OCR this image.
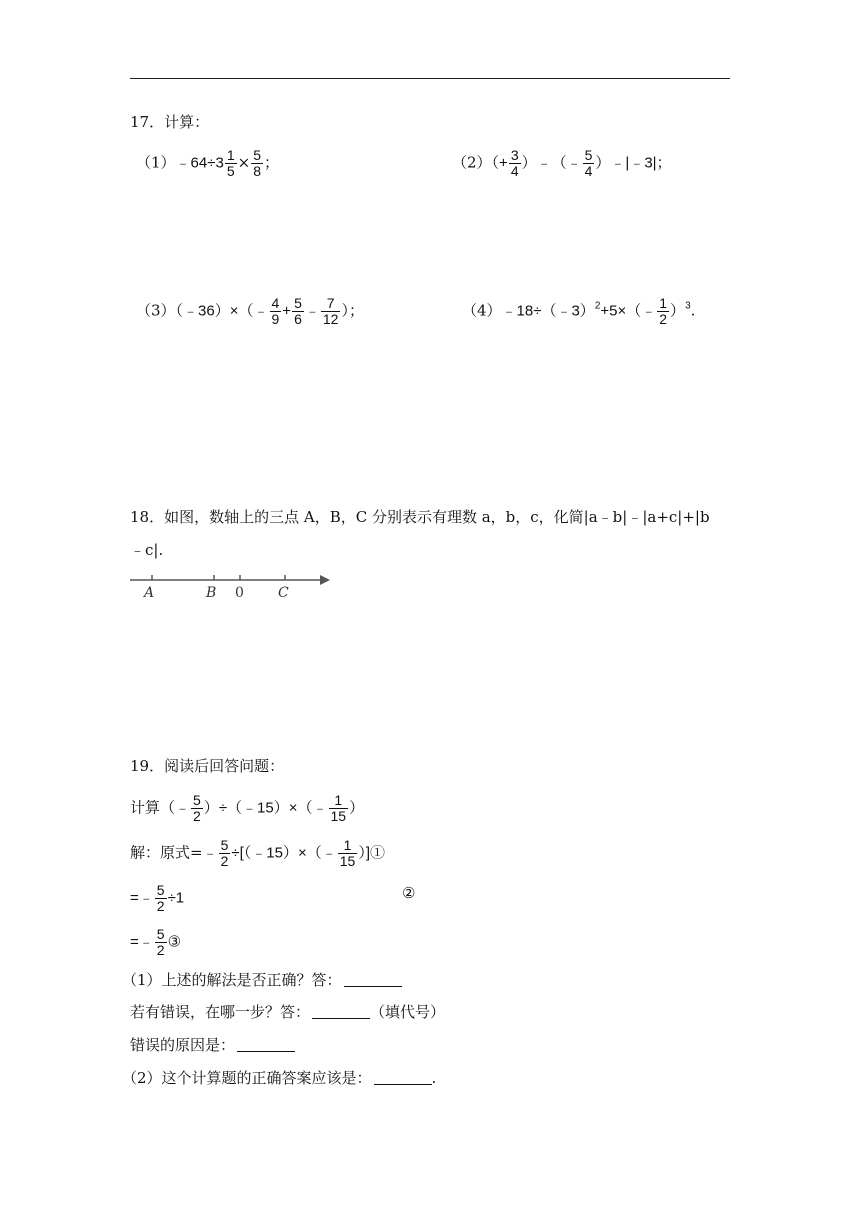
17．计算：
（1）﹣64÷3 $\frac{1}{5} \times \frac{5}{8}$ ；	$(2)(+ \frac{3}{4}$ ）﹣（﹣ $\frac{5}{4}$ ）﹣|﹣3|；
（3）（﹣36）×（﹣ $\frac{4}{9} + \frac{5}{6}$ ﹣ $\frac{7}{12}$ ）；	（4）﹣18÷（﹣3）$^2$+5×（﹣ $\frac{1}{2} )^3$.
18．如图，数轴上的三点 A，B，C 分别表示有理数 a，b，c，化简|a﹣b|﹣|a+c|+|b
﹣c|.
A	B 0 C
19．阅读后回答问题：
计算（﹣ $\frac{5}{2}$ ）÷（﹣15）×（﹣ $\frac{1}{15}$ ）
解：原式=﹣ $\frac{5}{2}$ ÷[（﹣15）×（﹣ $\frac{1}{15}$ ）]①
=﹣ $\frac{5}{2} \div 1$	②
=﹣ $\frac{5}{2}$ ③
（1）上述的解法是否正确？答：
若有错误，在哪一步？答：	（填代号）
错误的原因是：
（2）这个计算题的正确答案应该是：	.
